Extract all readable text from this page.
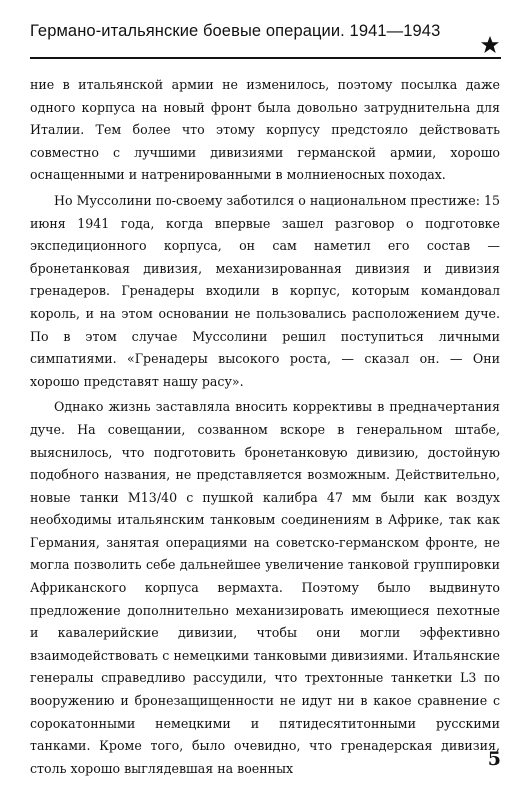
Германо-итальянские боевые операции. 1941—1943

ние в итальянской армии не изменилось, поэтому посылка даже одного корпуса на новый фронт была довольно затруднительна для Италии. Тем более что этому корпусу предстояло действовать совместно с лучшими дивизиями германской армии, хорошо оснащенными и натренированными в молниеносных походах.

Но Муссолини по-своему заботился о национальном престиже: 15 июня 1941 года, когда впервые зашел разговор о подготовке экспедиционного корпуса, он сам наметил его состав — бронетанковая дивизия, механизированная дивизия и дивизия гренадеров. Гренадеры входили в корпус, которым командовал король, и на этом основании не пользовались расположением дуче. По в этом случае Муссолини решил поступиться личными симпатиями. «Гренадеры высокого роста, — сказал он. — Они хорошо представят нашу расу».

Однако жизнь заставляла вносить коррективы в предначертания дуче. На совещании, созванном вскоре в генеральном штабе, выяснилось, что подготовить бронетанковую дивизию, достойную подобного названия, не представляется возможным. Действительно, новые танки M13/40 с пушкой калибра 47 мм были как воздух необходимы итальянским танковым соединениям в Африке, так как Германия, занятая операциями на советско-германском фронте, не могла позволить себе дальнейшее увеличение танковой группировки Африканского корпуса вермахта. Поэтому было выдвинуто предложение дополнительно механизировать имеющиеся пехотные и кавалерийские дивизии, чтобы они могли эффективно взаимодействовать с немецкими танковыми дивизиями. Итальянские генералы справедливо рассудили, что трехтонные танкетки L3 по вооружению и бронезащищенности не идут ни в какое сравнение с сорокатонными немецкими и пятидесятитонными русскими танками. Кроме того, было очевидно, что гренадерская дивизия, столь хорошо выглядевшая на военных	5
